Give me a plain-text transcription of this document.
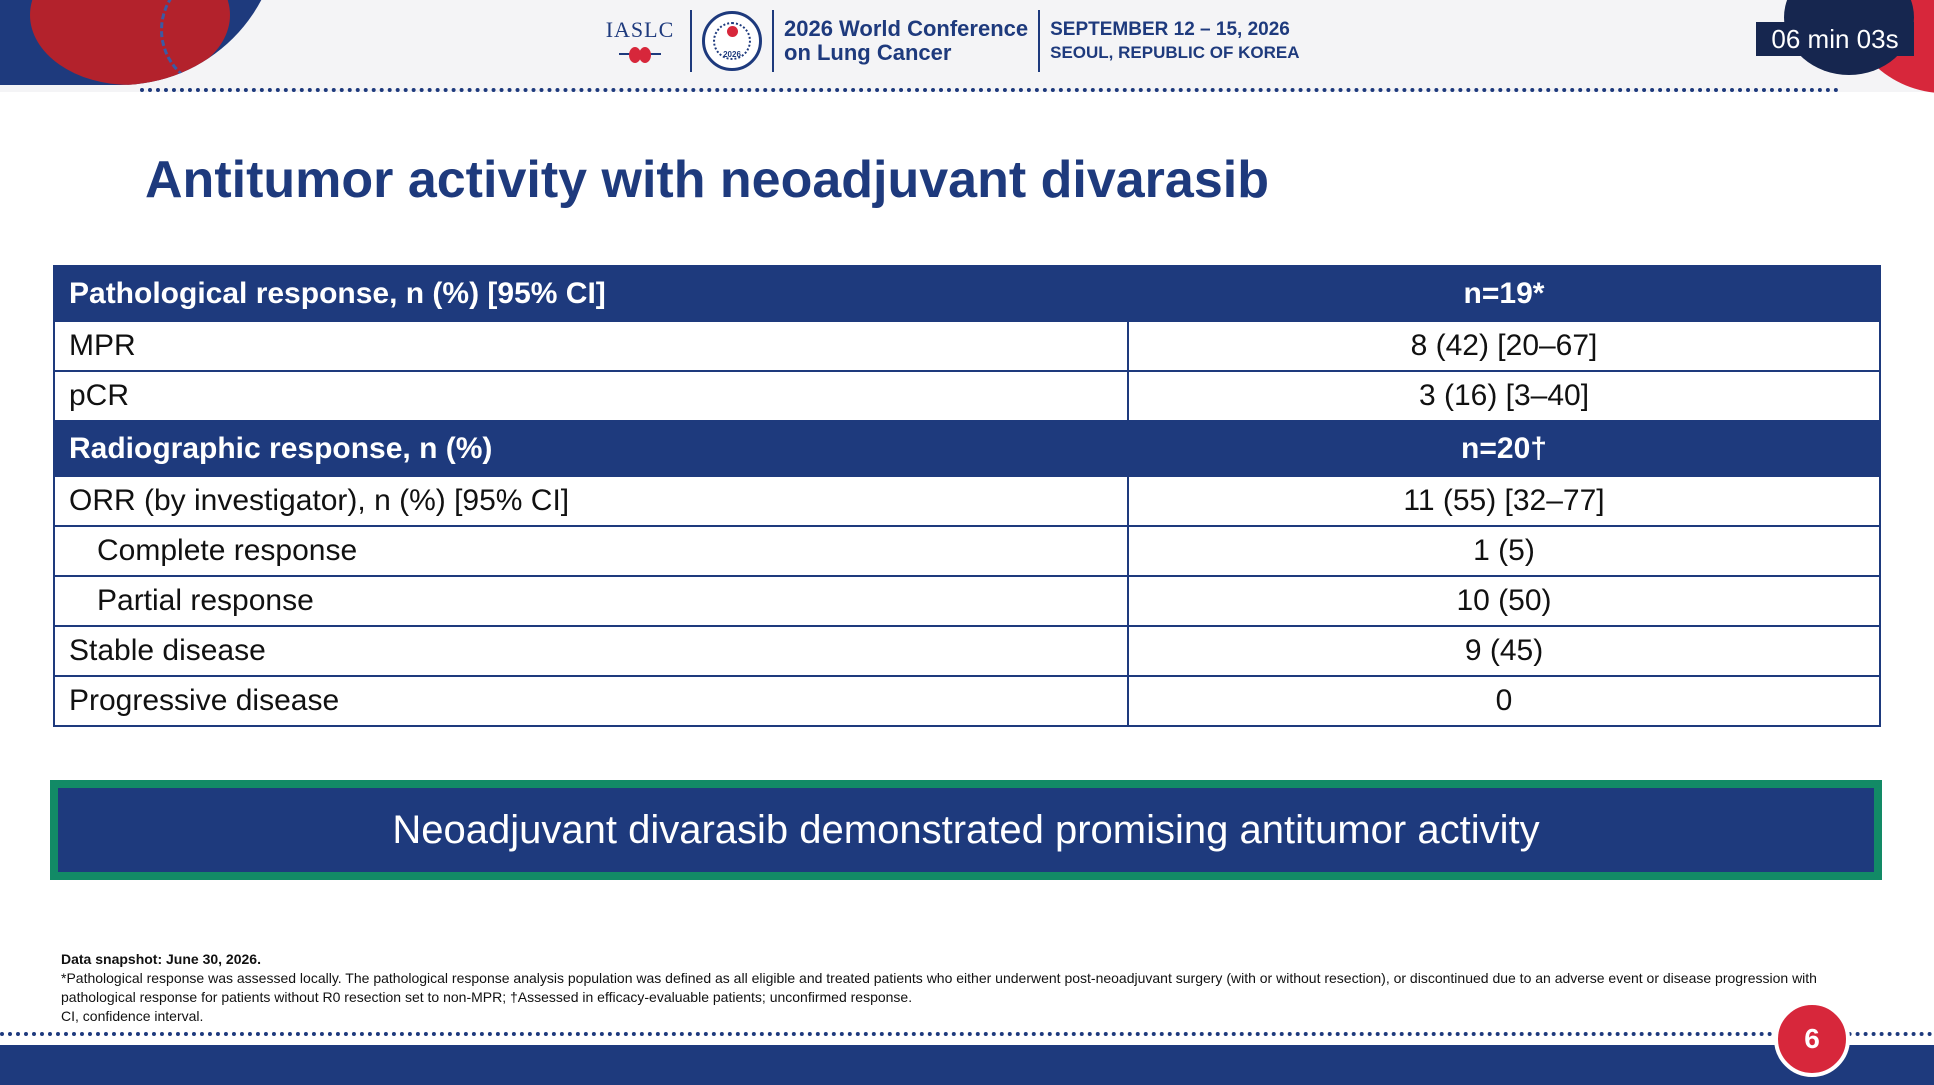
IASLC
2026
2026 World Conference
on Lung Cancer
SEPTEMBER 12 – 15, 2026
SEOUL, REPUBLIC OF KOREA	06 min 03s
Antitumor activity with neoadjuvant divarasib
Pathological response, n (%) [95% CI]	n=19*
MPR	8 (42) [20–67]
pCR	3 (16) [3–40]
Radiographic response, n (%)	n=20†
ORR (by investigator), n (%) [95% CI]	11 (55) [32–77]
Complete response	1 (5)
Partial response	10 (50)
Stable disease	9 (45)
Progressive disease	0
Neoadjuvant divarasib demonstrated promising antitumor activity
Data snapshot: June 30, 2026.
*Pathological response was assessed locally. The pathological response analysis population was defined as all eligible and treated patients who either underwent post-neoadjuvant surgery (with or without resection), or discontinued due to an adverse event or disease progression with pathological response for patients without R0 resection set to non-MPR; †Assessed in efficacy-evaluable patients; unconfirmed response.
CI, confidence interval.
6
